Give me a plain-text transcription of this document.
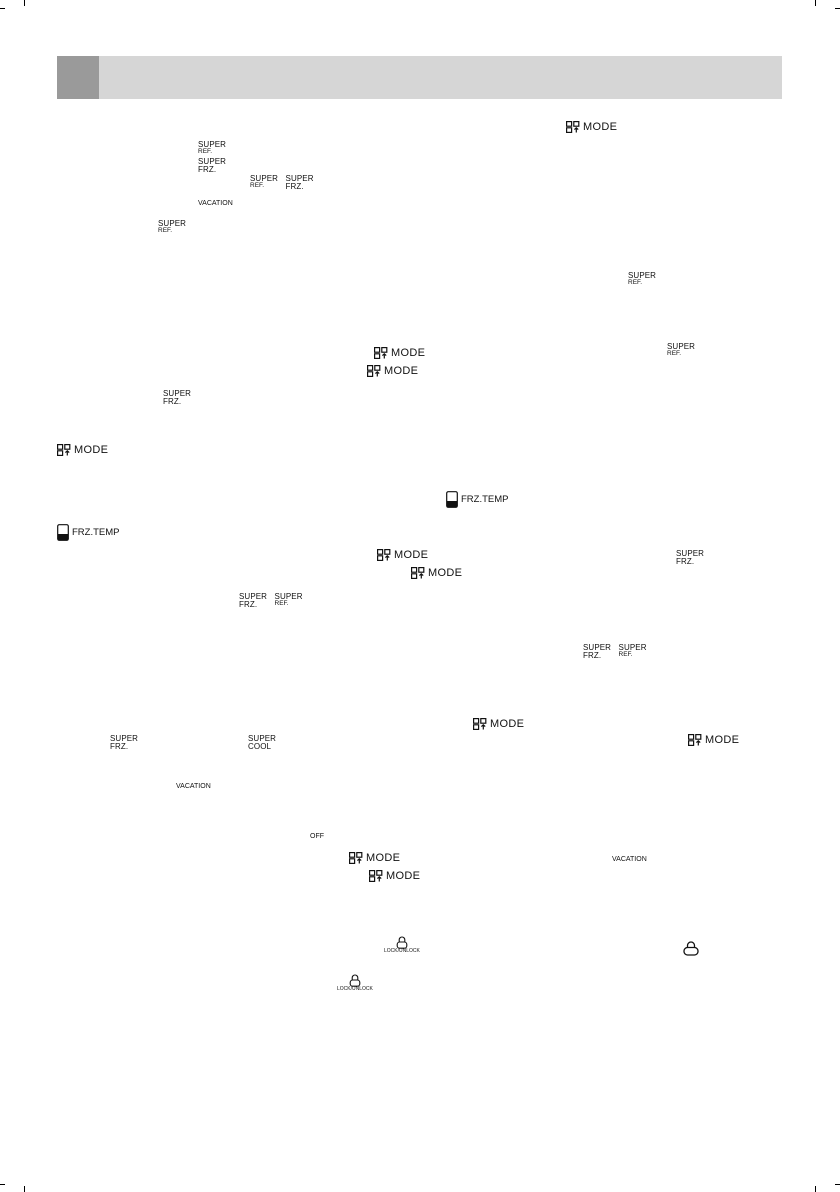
MODE
SUPER
REF.
SUPER
FRZ.
SUPER
REF.

SUPER
FRZ.
VACATION
SUPER
REF.
SUPER
REF.
MODE	SUPER
REF.
MODE
SUPER
FRZ.
MODE
FRZ.TEMP
FRZ.TEMP
MODE	SUPER
FRZ.
MODE
SUPER
FRZ.

SUPER
REF.
SUPER
FRZ.

SUPER
REF.
MODE
SUPER
FRZ.
SUPER
COOL
MODE
VACATION
OFF
MODE	VACATION
MODE
LOCK/UNLOCK
LOCK/UNLOCK
